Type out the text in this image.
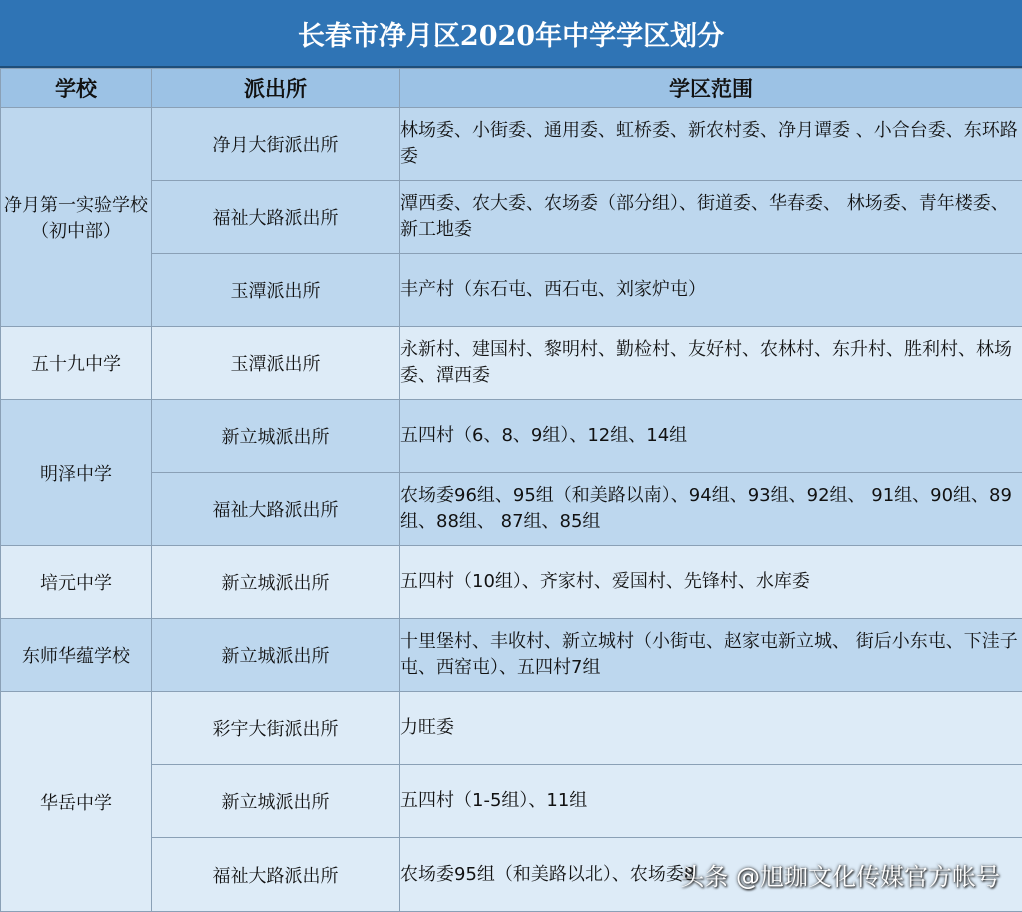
长春市净月区2020年中学学区划分
学校	派出所	学区范围
净月第一实验学校（初中部）	净月大街派出所	林场委、小街委、通用委、虹桥委、新农村委、净月谭委 、小合台委、东环路委
	福祉大路派出所	潭西委、农大委、农场委（部分组）、街道委、华春委、 林场委、青年楼委、新工地委
	玉潭派出所	丰产村（东石屯、西石屯、刘家炉屯）
五十九中学	玉潭派出所	永新村、建国村、黎明村、勤检村、友好村、农林村、东升村、胜利村、林场委、潭西委
明泽中学	新立城派出所	五四村（6、8、9组）、12组、14组
	福祉大路派出所	农场委96组、95组（和美路以南）、94组、93组、92组、 91组、90组、89组、88组、 87组、85组
培元中学	新立城派出所	五四村（10组）、齐家村、爱国村、先锋村、水库委
东师华蕴学校	新立城派出所	十里堡村、丰收村、新立城村（小街屯、赵家屯新立城、 街后小东屯、下洼子屯、西窑屯）、五四村7组
华岳中学	彩宇大街派出所	力旺委
	新立城派出所	五四村（1-5组）、11组
	福祉大路派出所	农场委95组（和美路以北）、农场委8
头条 @旭珈文化传媒官方帐号
